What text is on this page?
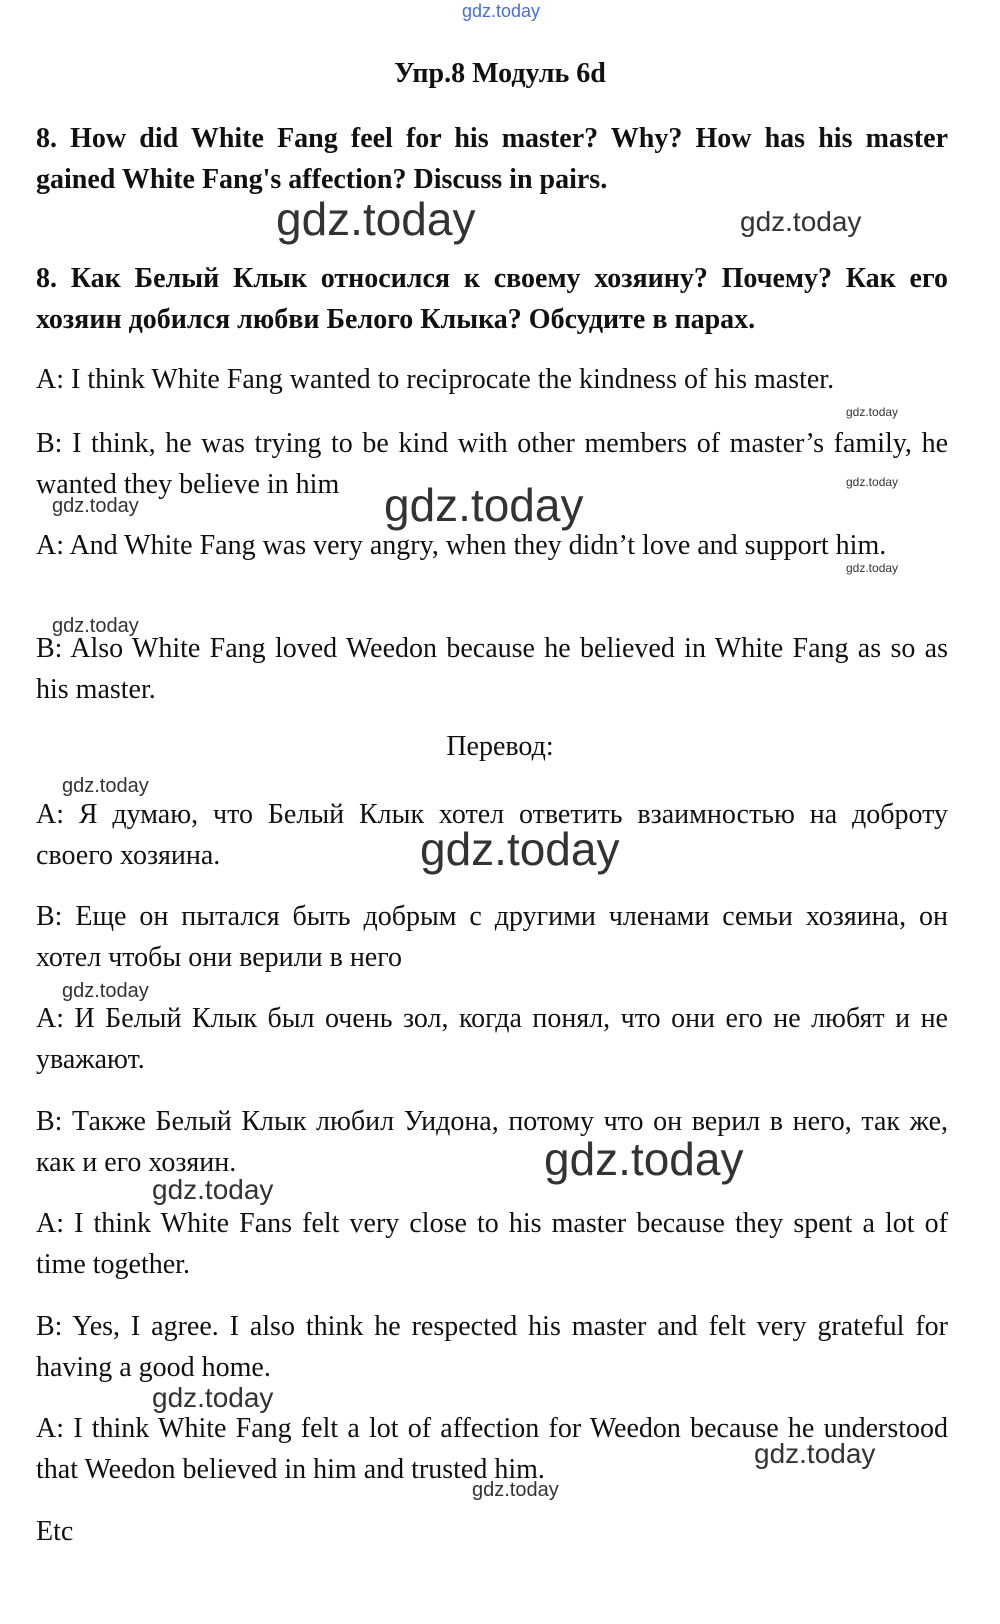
gdz.today
gdz.today	gdz.today
gdz.today
gdz.today
gdz.today	gdz.today
gdz.today
gdz.today
gdz.today
gdz.today
gdz.today
gdz.today
gdz.today
gdz.today
gdz.today
gdz.today
Упр.8 Модуль 6d

8. How did White Fang feel for his master? Why? How has his master gained White Fang's affection? Discuss in pairs.

8. Как Белый Клык относился к своему хозяину? Почему? Как его хозяин добился любви Белого Клыка? Обсудите в парах.

A: I think White Fang wanted to reciprocate the kindness of his master.

B: I think, he was trying to be kind with other members of master’s family, he wanted they believe in him

A: And White Fang was very angry, when they didn’t love and support him.

B: Also White Fang loved Weedon because he believed in White Fang as so as his master.

Перевод:

A: Я думаю, что Белый Клык хотел ответить взаимностью на доброту своего хозяина.

B: Еще он пытался быть добрым с другими членами семьи хозяина, он хотел чтобы они верили в него

A: И Белый Клык был очень зол, когда понял, что они его не любят и не уважают.

B: Также Белый Клык любил Уидона, потому что он верил в него, так же, как и его хозяин.

A: I think White Fans felt very close to his master because they spent a lot of time together.

B: Yes, I agree. I also think he respected his master and felt very grateful for having a good home.

A: I think White Fang felt a lot of affection for Weedon because he understood that Weedon believed in him and trusted him.

Etc
